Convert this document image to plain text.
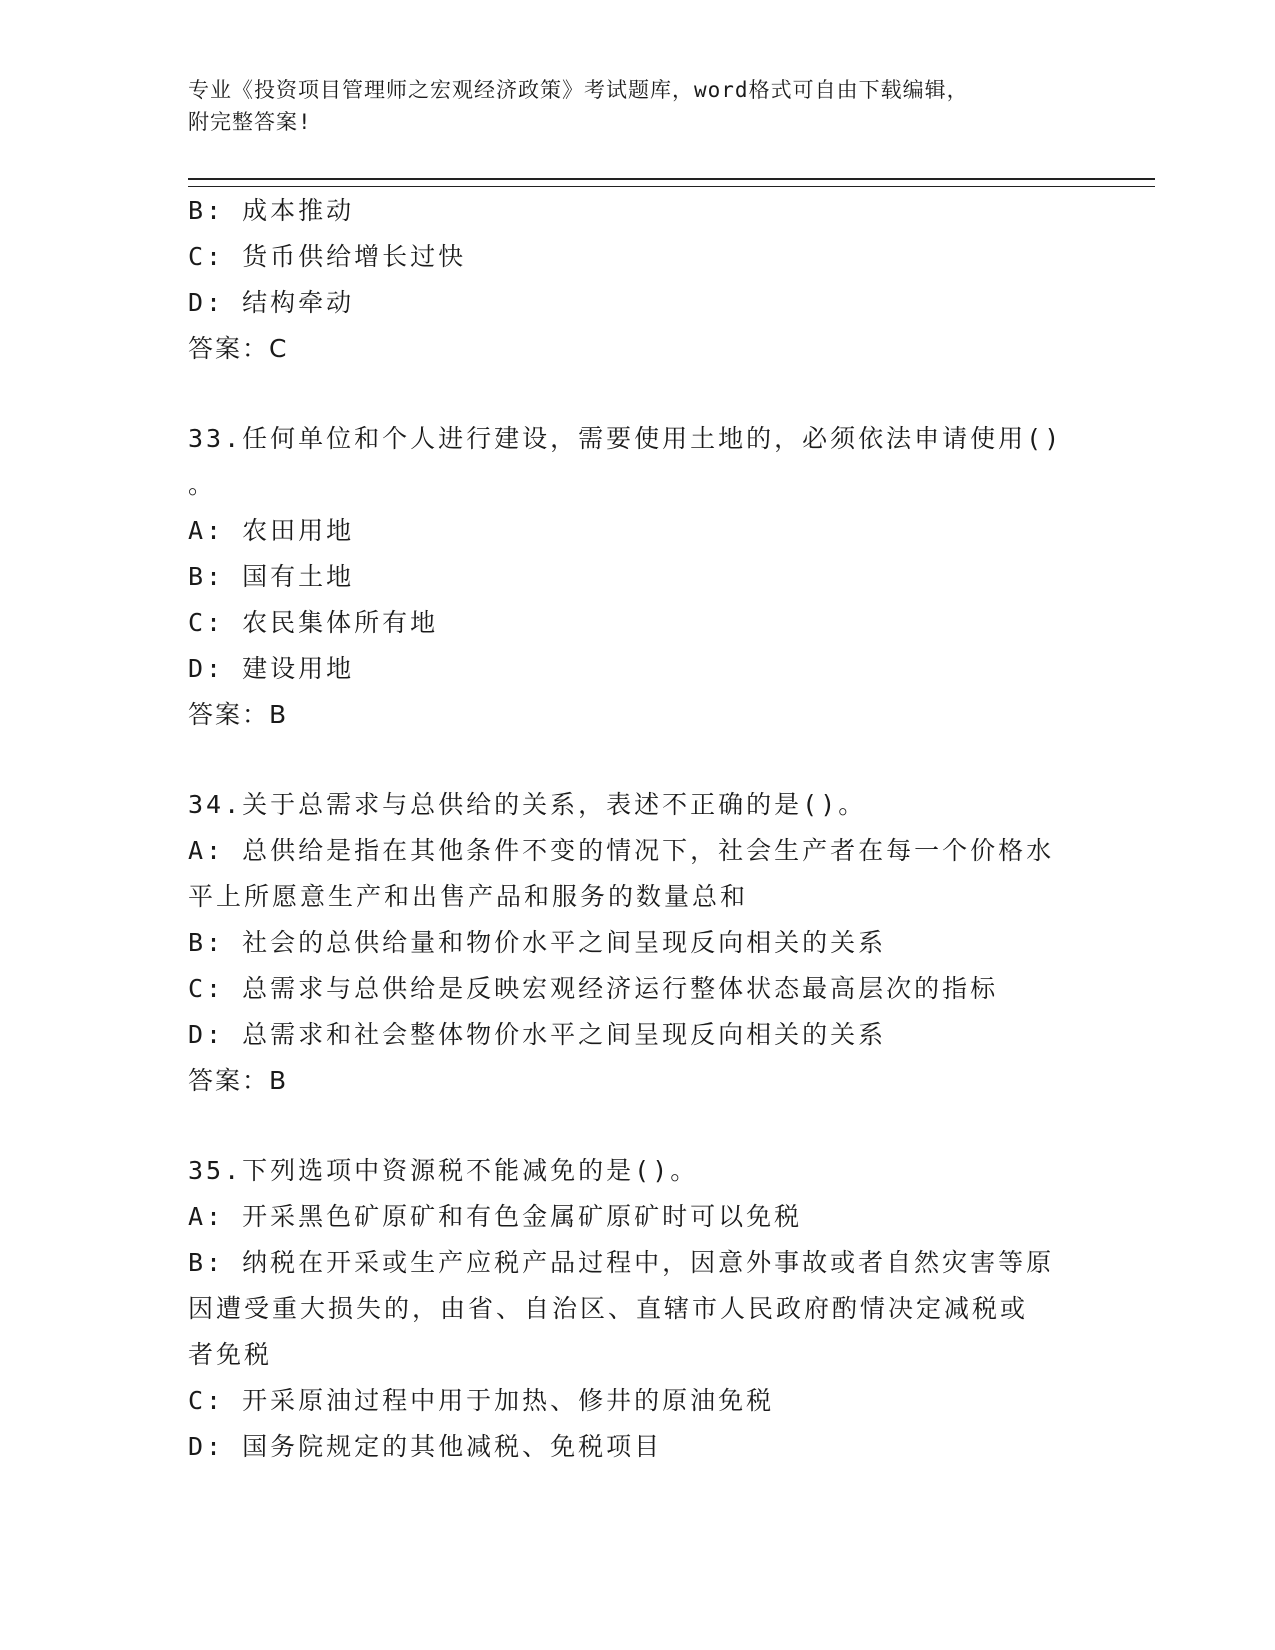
专业《投资项目管理师之宏观经济政策》考试题库，word格式可自由下载编辑，
附完整答案!
B: 成本推动
C: 货币供给增长过快
D: 结构牵动
答案：C
33.任何单位和个人进行建设，需要使用土地的，必须依法申请使用()
。
A: 农田用地
B: 国有土地
C: 农民集体所有地
D: 建设用地
答案：B
34.关于总需求与总供给的关系，表述不正确的是()。
A: 总供给是指在其他条件不变的情况下，社会生产者在每一个价格水
平上所愿意生产和出售产品和服务的数量总和
B: 社会的总供给量和物价水平之间呈现反向相关的关系
C: 总需求与总供给是反映宏观经济运行整体状态最高层次的指标
D: 总需求和社会整体物价水平之间呈现反向相关的关系
答案：B
35.下列选项中资源税不能减免的是()。
A: 开采黑色矿原矿和有色金属矿原矿时可以免税
B: 纳税在开采或生产应税产品过程中，因意外事故或者自然灾害等原
因遭受重大损失的，由省、自治区、直辖市人民政府酌情决定减税或
者免税
C: 开采原油过程中用于加热、修井的原油免税
D: 国务院规定的其他减税、免税项目
